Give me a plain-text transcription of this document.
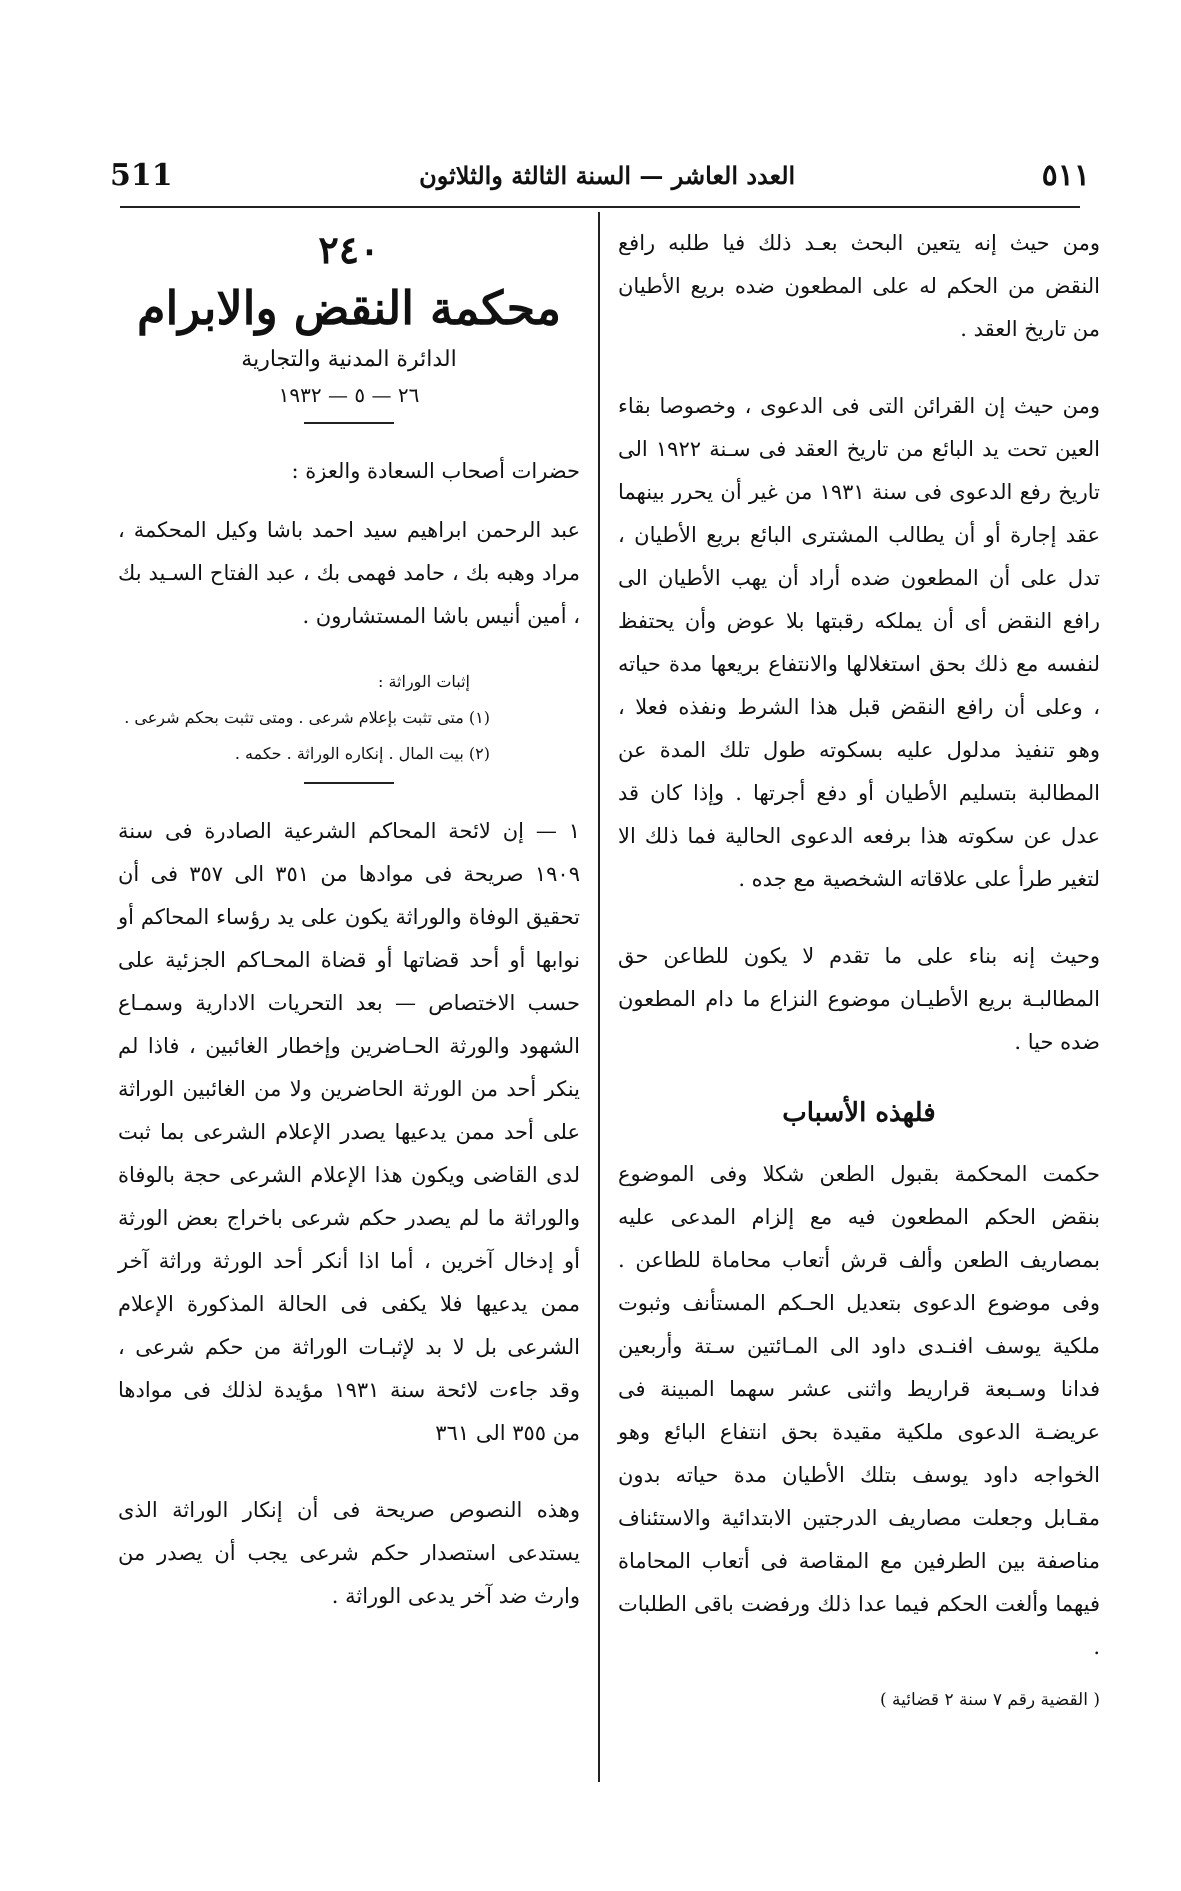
511	العدد العاشر — السنة الثالثة والثلاثون	٥١١

ومن حيث إنه يتعين البحث بعـد ذلك فيا طلبه رافع النقض من الحكم له على المطعون ضده بريع الأطيان من تاريخ العقد .

ومن حيث إن القرائن التى فى الدعوى ، وخصوصا بقاء العين تحت يد البائع من تاريخ العقد فى سـنة ١٩٢٢ الى تاريخ رفع الدعوى فى سنة ١٩٣١ من غير أن يحرر بينهما عقد إجارة أو أن يطالب المشترى البائع بريع الأطيان ، تدل على أن المطعون ضده أراد أن يهب الأطيان الى رافع النقض أى أن يملكه رقبتها بلا عوض وأن يحتفظ لنفسه مع ذلك بحق استغلالها والانتفاع بريعها مدة حياته ، وعلى أن رافع النقض قبل هذا الشرط ونفذه فعلا ، وهو تنفيذ مدلول عليه بسكوته طول تلك المدة عن المطالبة بتسليم الأطيان أو دفع أجرتها . وإذا كان قد عدل عن سكوته هذا برفعه الدعوى الحالية فما ذلك الا لتغير طرأ على علاقاته الشخصية مع جده .

وحيث إنه بناء على ما تقدم لا يكون للطاعن حق المطالبـة بريع الأطيـان موضوع النزاع ما دام المطعون ضده حيا .

فلهذه الأسباب

حكمت المحكمة بقبول الطعن شكلا وفى الموضوع بنقض الحكم المطعون فيه مع إلزام المدعى عليه بمصاريف الطعن وألف قرش أتعاب محاماة للطاعن . وفى موضوع الدعوى بتعديل الحـكم المستأنف وثبوت ملكية يوسف افنـدى داود الى المـائتين سـتة وأربعين فدانا وسـبعة قراريط واثنى عشر سهما المبينة فى عريضـة الدعوى ملكية مقيدة بحق انتفاع البائع وهو الخواجه داود يوسف بتلك الأطيان مدة حياته بدون مقـابل وجعلت مصاريف الدرجتين الابتدائية والاستئناف مناصفة بين الطرفين مع المقاصة فى أتعاب المحاماة فيهما وألغت الحكم فيما عدا ذلك ورفضت باقى الطلبات .

( القضية رقم ٧ سنة ٢ قضائية )
٢٤٠
محكمة النقض والابرام
الدائرة المدنية والتجارية
٢٦ — ٥ — ١٩٣٢

حضرات أصحاب السعادة والعزة :

عبد الرحمن ابراهيم سيد احمد باشا وكيل المحكمة ، مراد وهبه بك ، حامد فهمى بك ، عبد الفتاح السـيد بك ، أمين أنيس باشا المستشارون .

إثبات الوراثة :
(١) متى تثبت بإعلام شرعى . ومتى تثبت بحكم شرعى .
(٢) بيت المال . إنكاره الوراثة . حكمه .

١ — إن لائحة المحاكم الشرعية الصادرة فى سنة ١٩٠٩ صريحة فى موادها من ٣٥١ الى ٣٥٧ فى أن تحقيق الوفاة والوراثة يكون على يد رؤساء المحاكم أو نوابها أو أحد قضاتها أو قضاة المحـاكم الجزئية على حسب الاختصاص — بعد التحريات الادارية وسمـاع الشهود والورثة الحـاضرين وإخطار الغائبين ، فاذا لم ينكر أحد من الورثة الحاضرين ولا من الغائبين الوراثة على أحد ممن يدعيها يصدر الإعلام الشرعى بما ثبت لدى القاضى ويكون هذا الإعلام الشرعى حجة بالوفاة والوراثة ما لم يصدر حكم شرعى باخراج بعض الورثة أو إدخال آخرين ، أما اذا أنكر أحد الورثة وراثة آخر ممن يدعيها فلا يكفى فى الحالة المذكورة الإعلام الشرعى بل لا بد لإثبـات الوراثة من حكم شرعى ، وقد جاءت لائحة سنة ١٩٣١ مؤيدة لذلك فى موادها من ٣٥٥ الى ٣٦١

وهذه النصوص صريحة فى أن إنكار الوراثة الذى يستدعى استصدار حكم شرعى يجب أن يصدر من وارث ضد آخر يدعى الوراثة .
